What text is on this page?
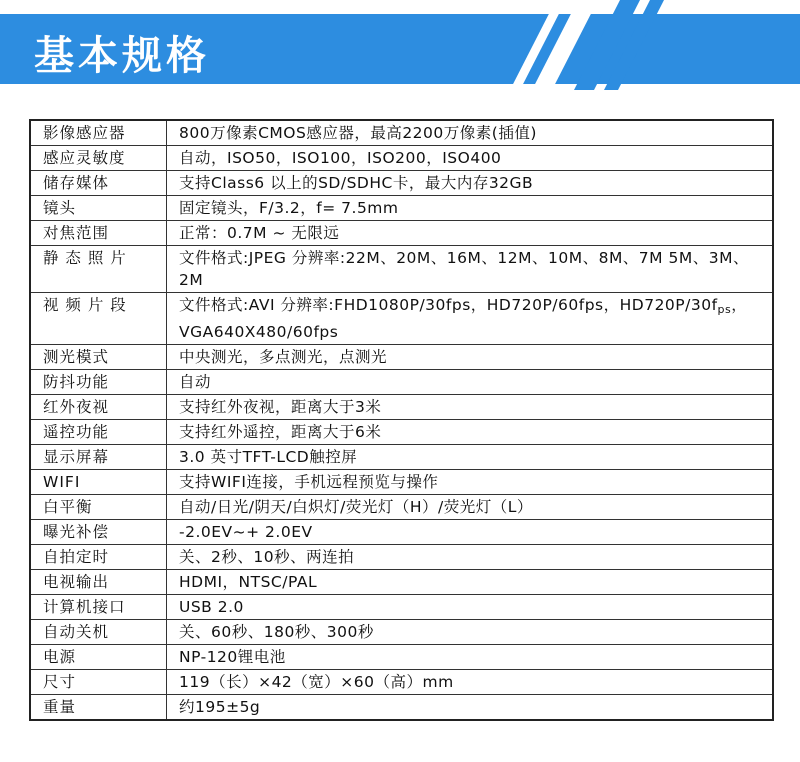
基本规格
影像感应器	800万像素CMOS感应器，最高2200万像素(插值)
感应灵敏度	自动，ISO50，ISO100，ISO200，ISO400
储存媒体	支持Class6 以上的SD/SDHC卡，最大内存32GB
镜头	固定镜头，F/3.2，f= 7.5mm
对焦范围	正常：0.7M ~ 无限远
静 态 照 片	文件格式:JPEG 分辨率:22M、20M、16M、12M、10M、8M、7M 5M、3M、2M
视 频 片 段	文件格式:AVI 分辨率:FHD1080P/30fps，HD720P/60fps，$HD720P/30f_{ps}$，VGA640X480/60fps
测光模式	中央测光，多点测光，点测光
防抖功能	自动
红外夜视	支持红外夜视，距离大于3米
遥控功能	支持红外遥控，距离大于6米
显示屏幕	3.0 英寸TFT-LCD触控屏
WIFI	支持WIFI连接，手机远程预览与操作
白平衡	自动/日光/阴天/白炽灯/荧光灯（H）/荧光灯（L）
曝光补偿	-2.0EV~+ 2.0EV
自拍定时	关、2秒、10秒、两连拍
电视输出	HDMI，NTSC/PAL
计算机接口	USB 2.0
自动关机	关、60秒、180秒、300秒
电源	NP-120锂电池
尺寸	119（长）×42（宽）×60（高）mm
重量	约195±5g
